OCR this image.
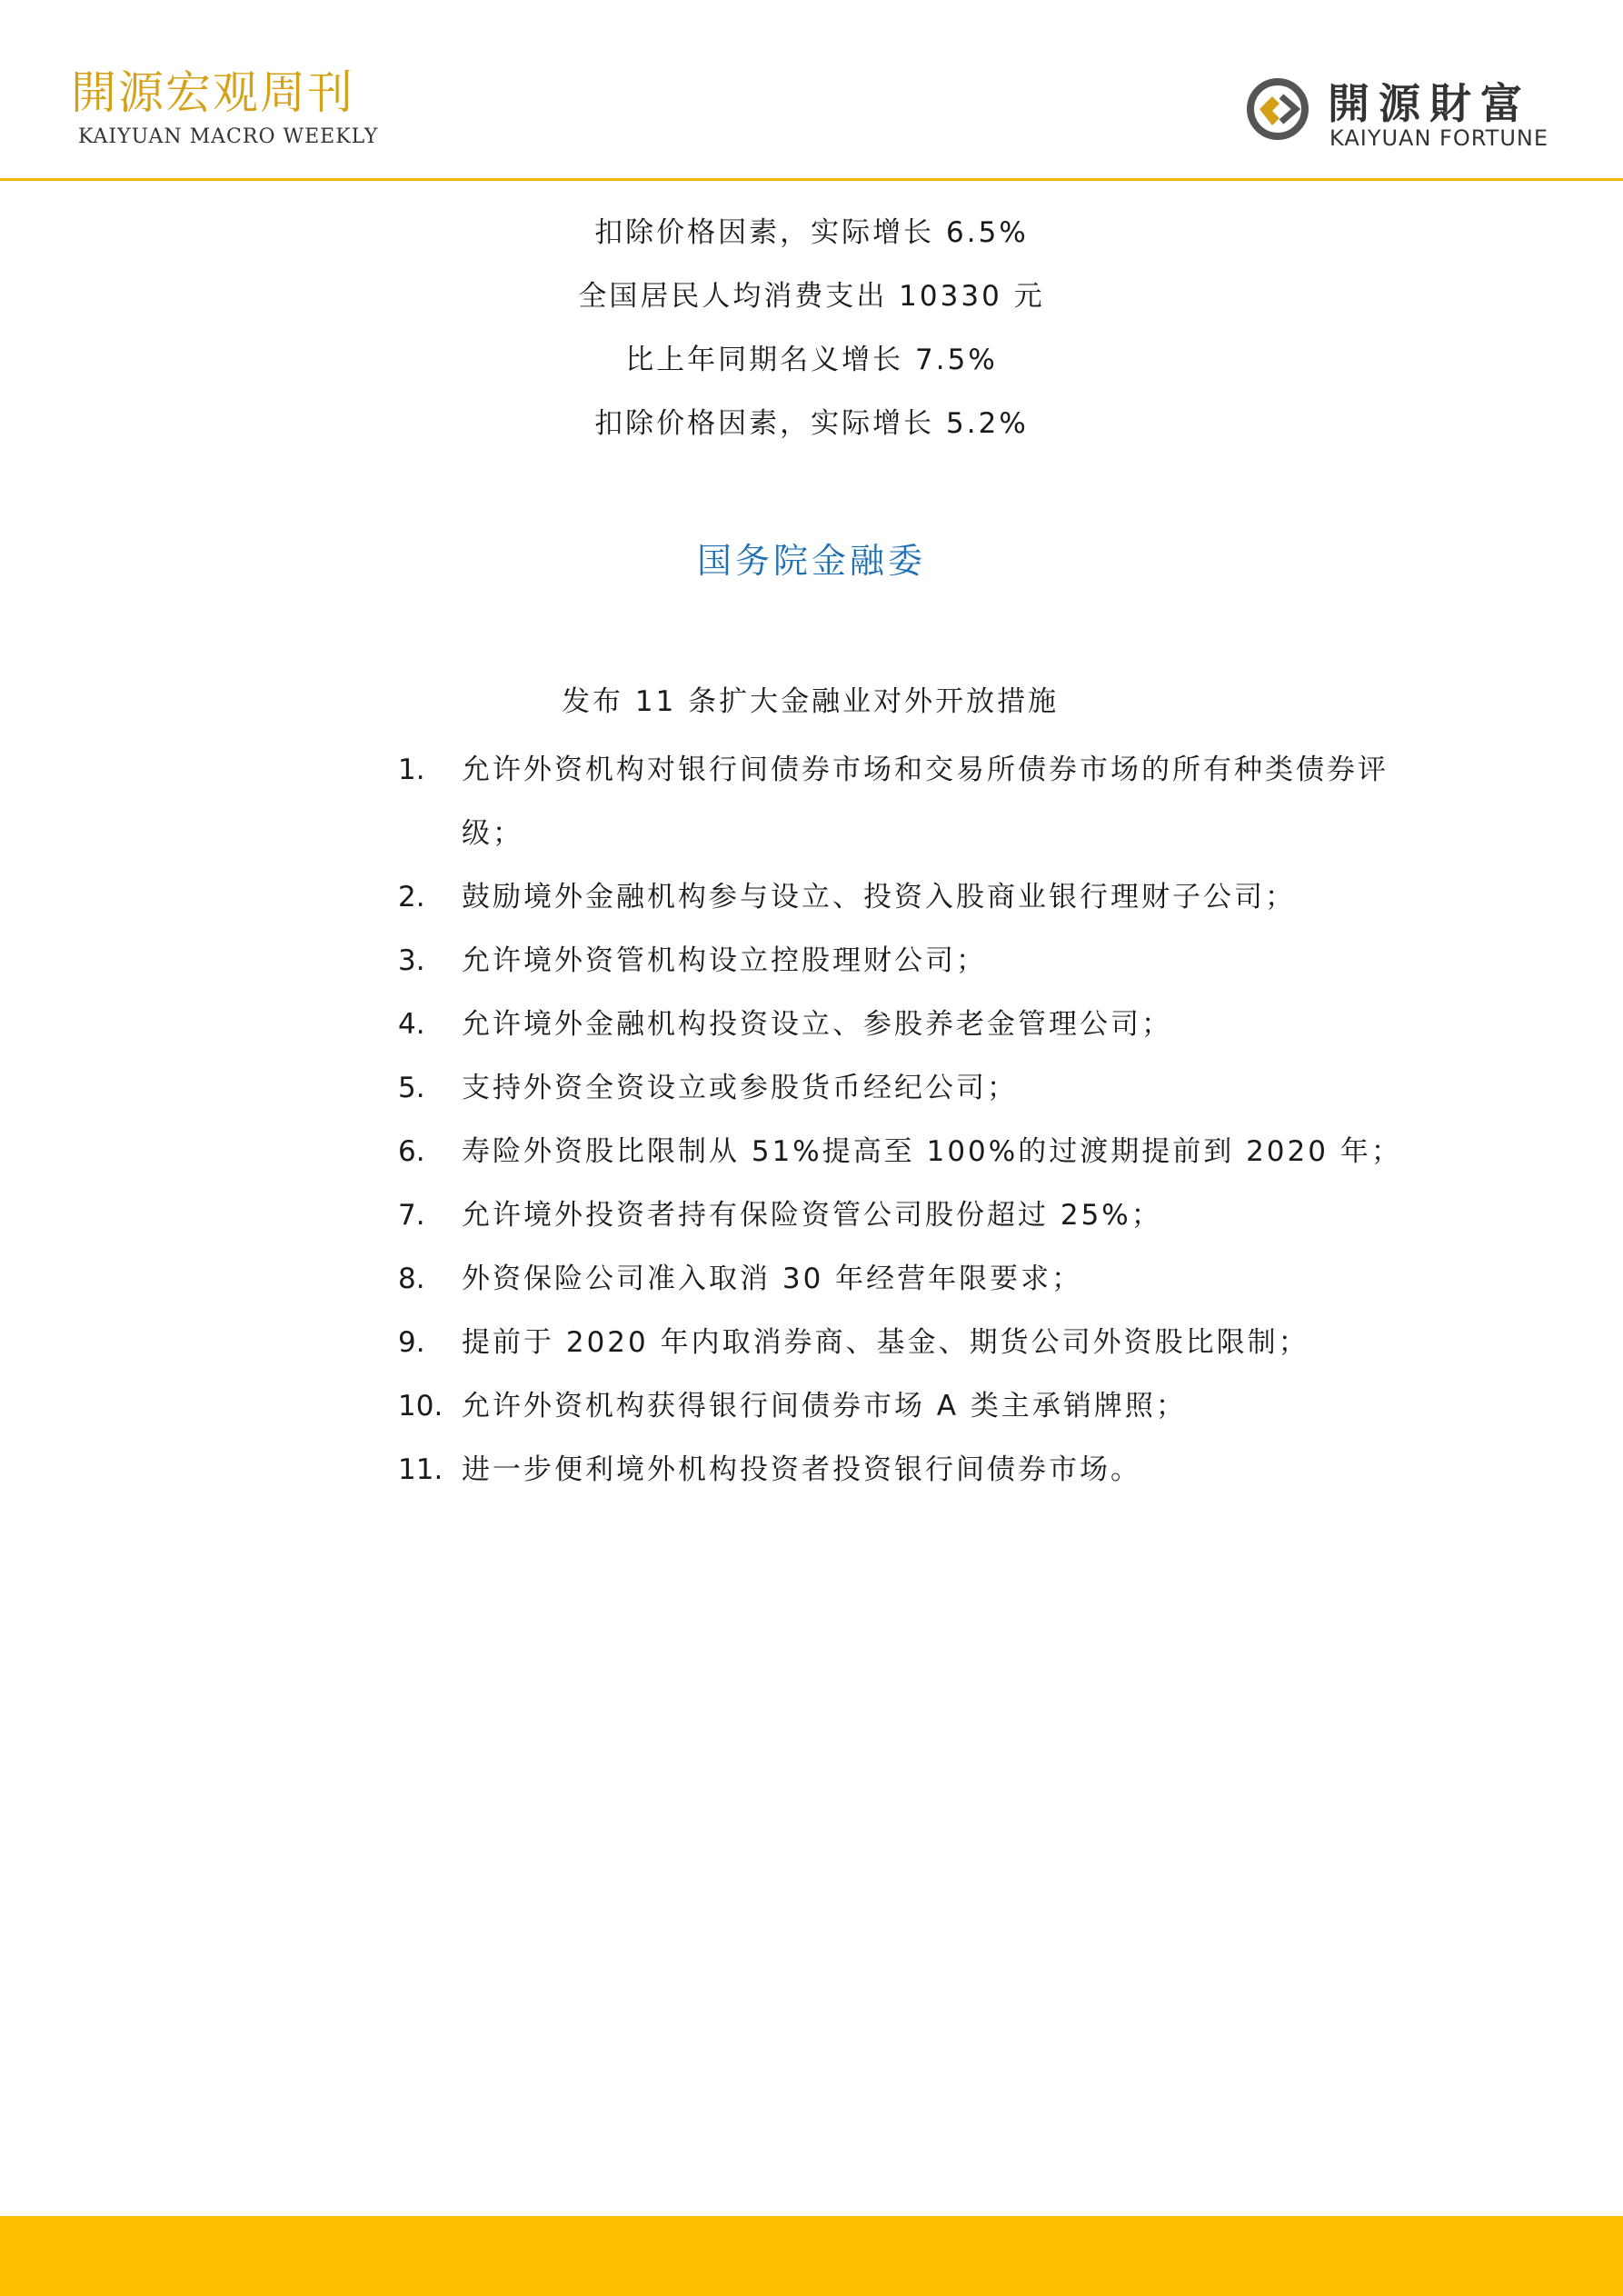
開源宏观周刊
KAIYUAN MACRO WEEKLY
開源財富
KAIYUAN FORTUNE
扣除价格因素，实际增长 6.5%
全国居民人均消费支出 10330 元
比上年同期名义增长 7.5%
扣除价格因素，实际增长 5.2%
国务院金融委
发布 11 条扩大金融业对外开放措施
1.	允许外资机构对银行间债券市场和交易所债券市场的所有种类债券评级；
2.	鼓励境外金融机构参与设立、投资入股商业银行理财子公司；
3.	允许境外资管机构设立控股理财公司；
4.	允许境外金融机构投资设立、参股养老金管理公司；
5.	支持外资全资设立或参股货币经纪公司；
6.	寿险外资股比限制从 51%提高至 100%的过渡期提前到 2020 年；
7.	允许境外投资者持有保险资管公司股份超过 25%；
8.	外资保险公司准入取消 30 年经营年限要求；
9.	提前于 2020 年内取消券商、基金、期货公司外资股比限制；
10. 允许外资机构获得银行间债券市场 A 类主承销牌照；
11. 进一步便利境外机构投资者投资银行间债券市场。
